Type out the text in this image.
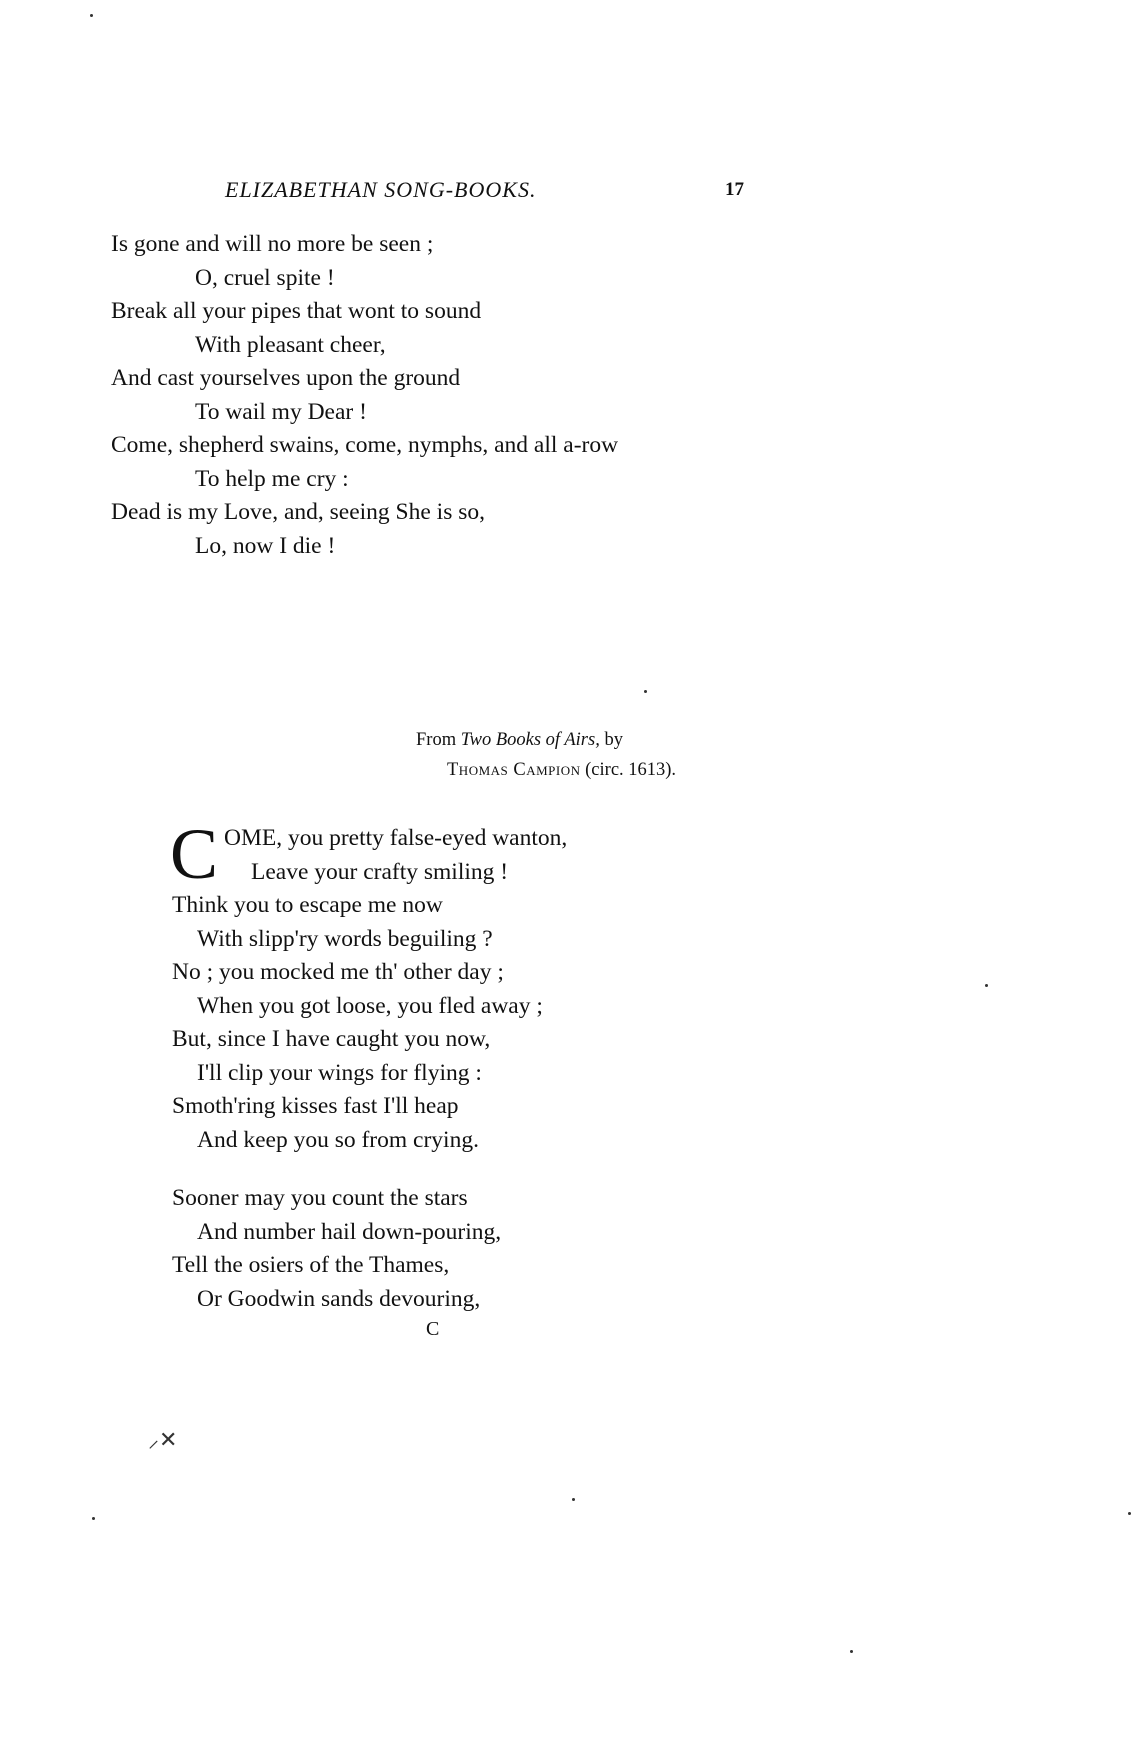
ELIZABETHAN SONG-BOOKS.	17
Is gone and will no more be seen ;
O, cruel spite !
Break all your pipes that wont to sound
With pleasant cheer,
And cast yourselves upon the ground
To wail my Dear !
Come, shepherd swains, come, nymphs, and all a-row
To help me cry :
Dead is my Love, and, seeing She is so,
Lo, now I die !
From Two Books of Airs, by
Thomas Campion (circ. 1613).
C OME, you pretty false-eyed wanton,
Leave your crafty smiling !
Think you to escape me now
With slipp'ry words beguiling ?
No ; you mocked me th' other day ;
When you got loose, you fled away ;
But, since I have caught you now,
I'll clip your wings for flying :
Smoth'ring kisses fast I'll heap
And keep you so from crying.
Sooner may you count the stars
And number hail down-pouring,
Tell the osiers of the Thames,
Or Goodwin sands devouring,
C
⸝✕
